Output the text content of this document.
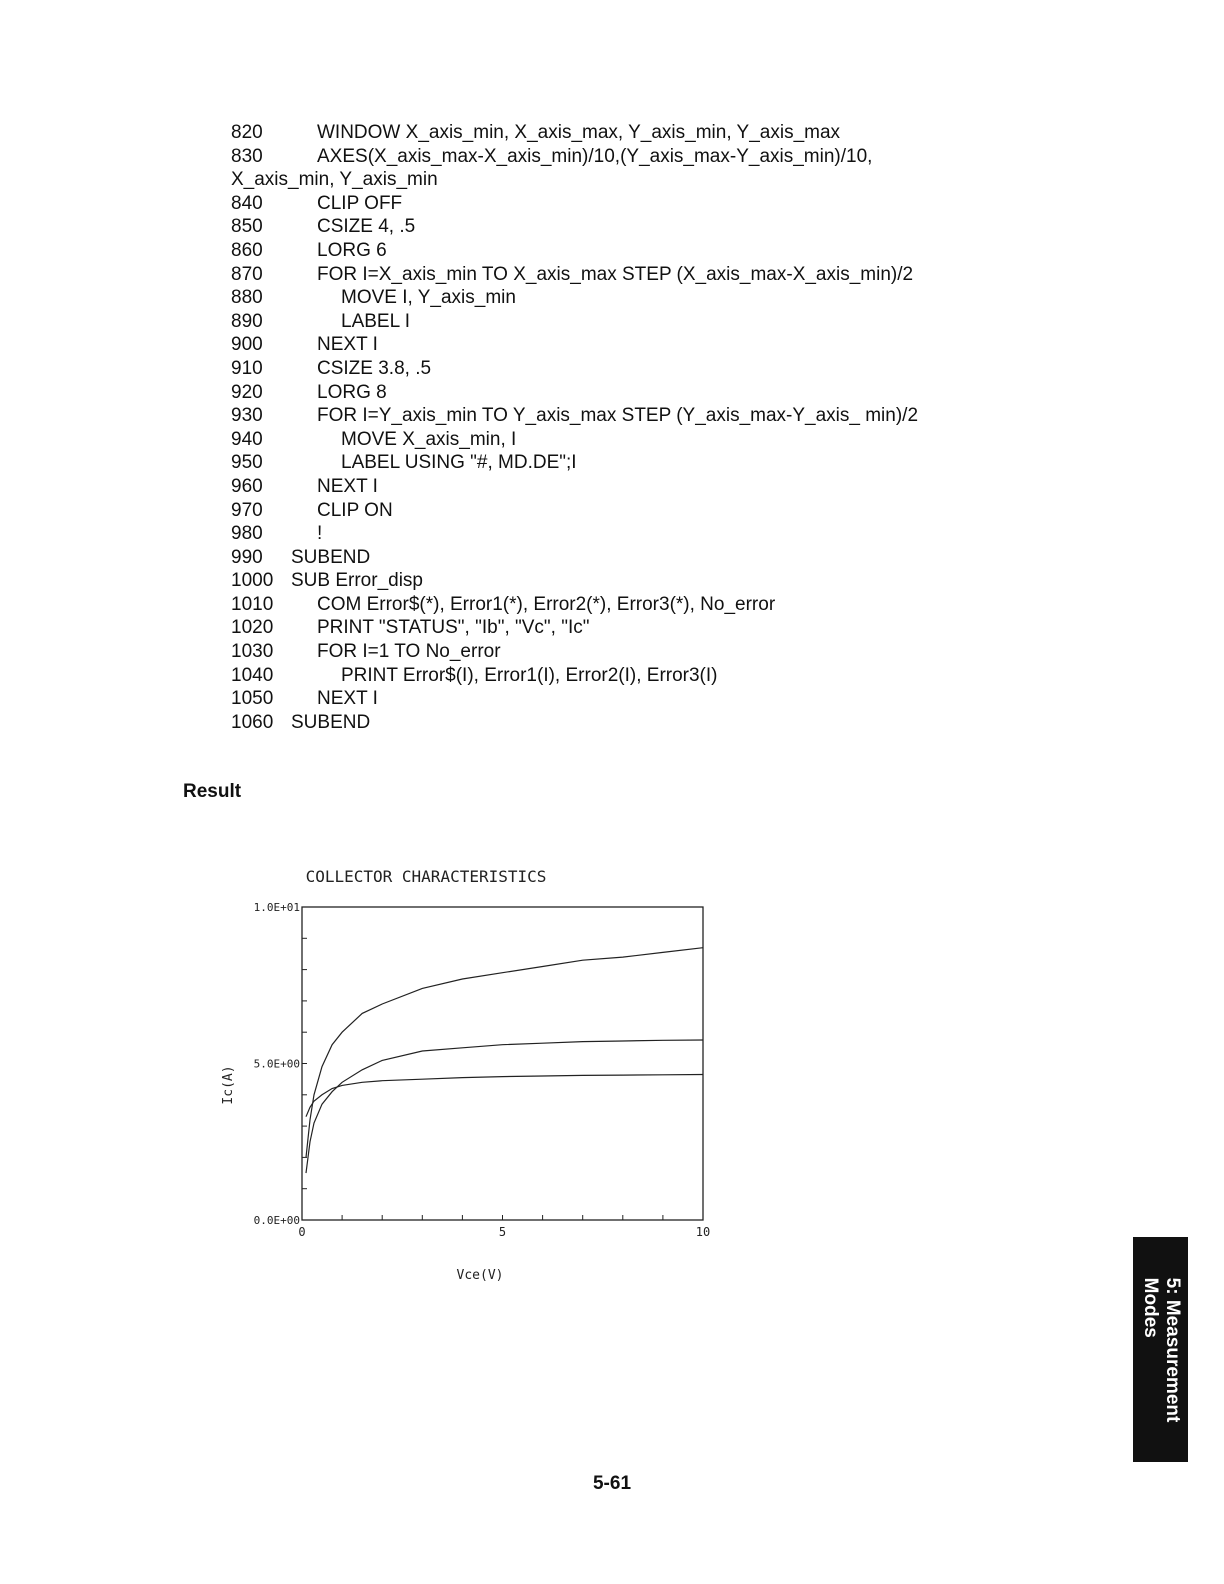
820	WINDOW X_axis_min, X_axis_max, Y_axis_min, Y_axis_max
830	AXES(X_axis_max-X_axis_min)/10,(Y_axis_max-Y_axis_min)/10,
X_axis_min, Y_axis_min
840	CLIP OFF
850	CSIZE 4, .5
860	LORG 6
870	FOR I=X_axis_min TO X_axis_max STEP (X_axis_max-X_axis_min)/2
880	MOVE I, Y_axis_min
890	LABEL I
900	NEXT I
910	CSIZE 3.8, .5
920	LORG 8
930	FOR I=Y_axis_min TO Y_axis_max STEP (Y_axis_max-Y_axis_ min)/2
940	MOVE X_axis_min, I
950	LABEL USING "#, MD.DE";I
960	NEXT I
970	CLIP ON
980	!
990 SUBEND
1000 SUB Error_disp
1010 COM Error$(*), Error1(*), Error2(*), Error3(*), No_error
1020 PRINT "STATUS", "Ib", "Vc", "Ic"
1030 FOR I=1 TO No_error
1040	PRINT Error$(I), Error1(I), Error2(I), Error3(I)
1050 NEXT I
1060 SUBEND
Result
COLLECTOR CHARACTERISTICS
0	5	10
0.0E+00
5.0E+00
1.0E+01
Vce(V)
Ic(A)
5: Measurement
Modes
5-61
